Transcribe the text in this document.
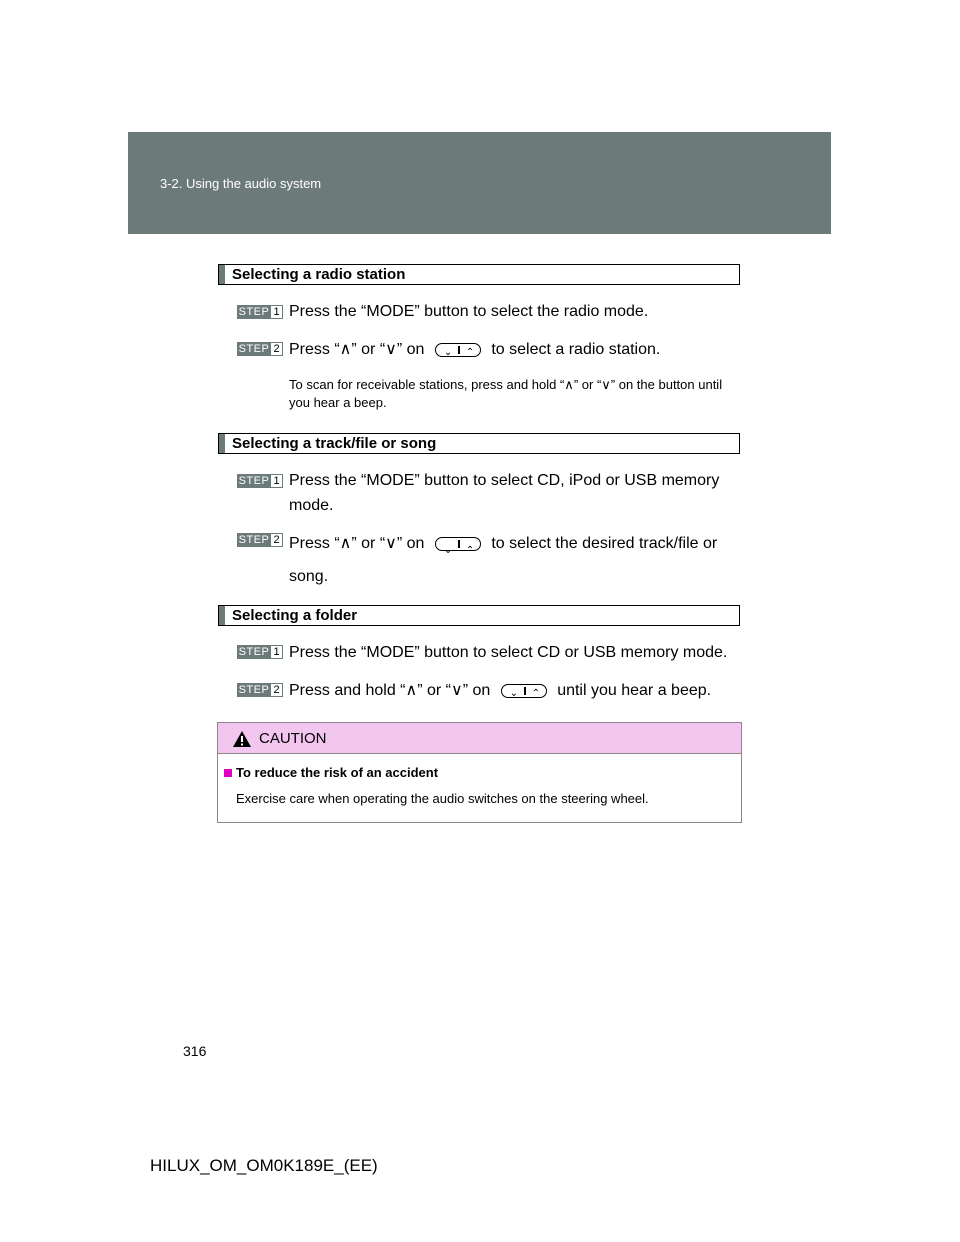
3-2. Using the audio system
Selecting a radio station
STEP 1 Press the “MODE” button to select the radio mode.
STEP 2 Press “∧” or “∨” on ⌄ ⌃ to select a radio station.
To scan for receivable stations, press and hold “∧” or “∨” on the button until you hear a beep.
Selecting a track/file or song
STEP 1 Press the “MODE” button to select CD, iPod or USB memory mode.
STEP 2 Press “∧” or “∨” on ⌄ ⌃ to select the desired track/file or song.
Selecting a folder
STEP 1 Press the “MODE” button to select CD or USB memory mode.
STEP 2 Press and hold “∧” or “∨” on ⌄ ⌃ until you hear a beep.
CAUTION
To reduce the risk of an accident
Exercise care when operating the audio switches on the steering wheel.
316
HILUX_OM_OM0K189E_(EE)
